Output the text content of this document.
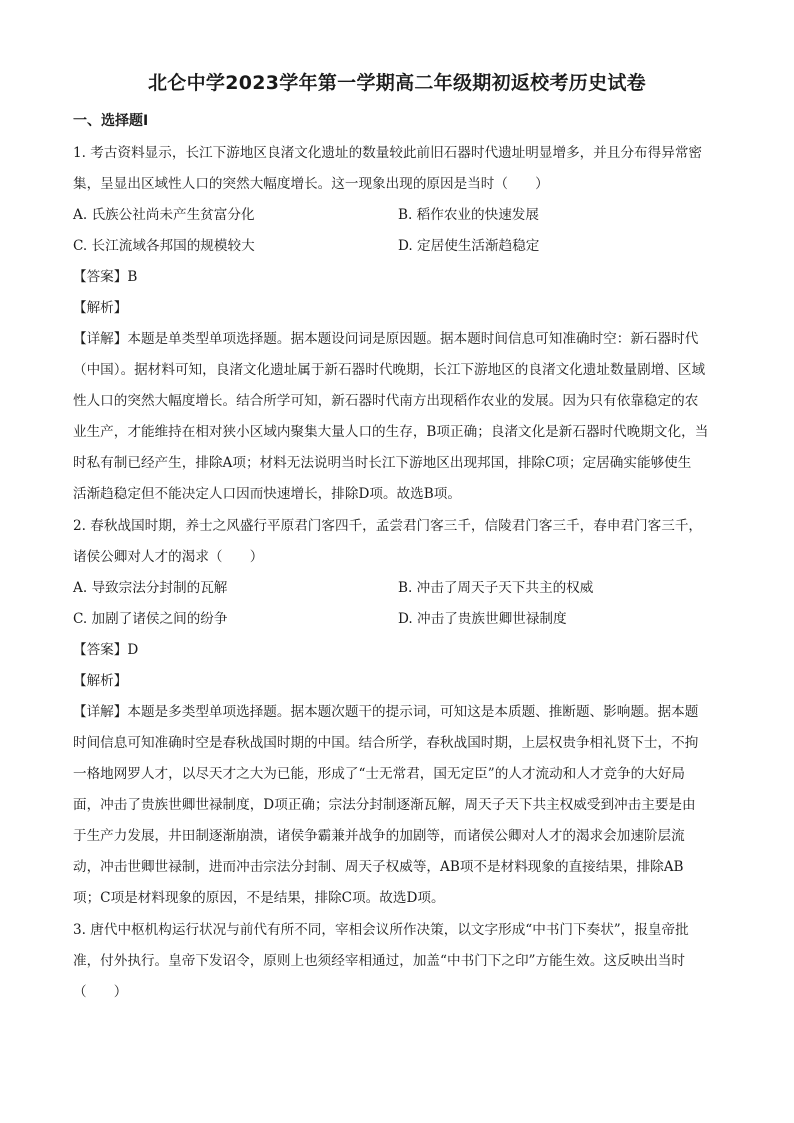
北仑中学2023学年第一学期高二年级期初返校考历史试卷
一、选择题Ⅰ
1. 考古资料显示，长江下游地区良渚文化遗址的数量较此前旧石器时代遗址明显增多，并且分布得异常密
集，呈显出区域性人口的突然大幅度增长。这一现象出现的原因是当时（　　）
A. 氏族公社尚未产生贫富分化	B. 稻作农业的快速发展
C. 长江流域各邦国的规模较大	D. 定居使生活渐趋稳定
【答案】B
【解析】
【详解】本题是单类型单项选择题。据本题设问词是原因题。据本题时间信息可知准确时空：新石器时代
（中国）。据材料可知，良渚文化遗址属于新石器时代晚期，长江下游地区的良渚文化遗址数量剧增、区域
性人口的突然大幅度增长。结合所学可知，新石器时代南方出现稻作农业的发展。因为只有依靠稳定的农
业生产，才能维持在相对狭小区域内聚集大量人口的生存，B项正确；良渚文化是新石器时代晚期文化，当
时私有制已经产生，排除A项；材料无法说明当时长江下游地区出现邦国，排除C项；定居确实能够使生
活渐趋稳定但不能决定人口因而快速增长，排除D项。故选B项。
2. 春秋战国时期，养士之风盛行平原君门客四千，孟尝君门客三千，信陵君门客三千，春申君门客三千，
诸侯公卿对人才的渴求（　　）
A. 导致宗法分封制的瓦解	B. 冲击了周天子天下共主的权威
C. 加剧了诸侯之间的纷争	D. 冲击了贵族世卿世禄制度
【答案】D
【解析】
【详解】本题是多类型单项选择题。据本题次题干的提示词，可知这是本质题、推断题、影响题。据本题
时间信息可知准确时空是春秋战国时期的中国。结合所学，春秋战国时期，上层权贵争相礼贤下士，不拘
一格地网罗人才，以尽天才之大为已能，形成了“士无常君，国无定臣”的人才流动和人才竞争的大好局
面，冲击了贵族世卿世禄制度，D项正确；宗法分封制逐渐瓦解，周天子天下共主权威受到冲击主要是由
于生产力发展，井田制逐渐崩溃，诸侯争霸兼并战争的加剧等，而诸侯公卿对人才的渴求会加速阶层流
动，冲击世卿世禄制，进而冲击宗法分封制、周天子权威等，AB项不是材料现象的直接结果，排除AB
项；C项是材料现象的原因，不是结果，排除C项。故选D项。
3. 唐代中枢机构运行状况与前代有所不同，宰相会议所作决策，以文字形成“中书门下奏状”，报皇帝批
准，付外执行。皇帝下发诏令，原则上也须经宰相通过，加盖“中书门下之印”方能生效。这反映出当时
（　　）
